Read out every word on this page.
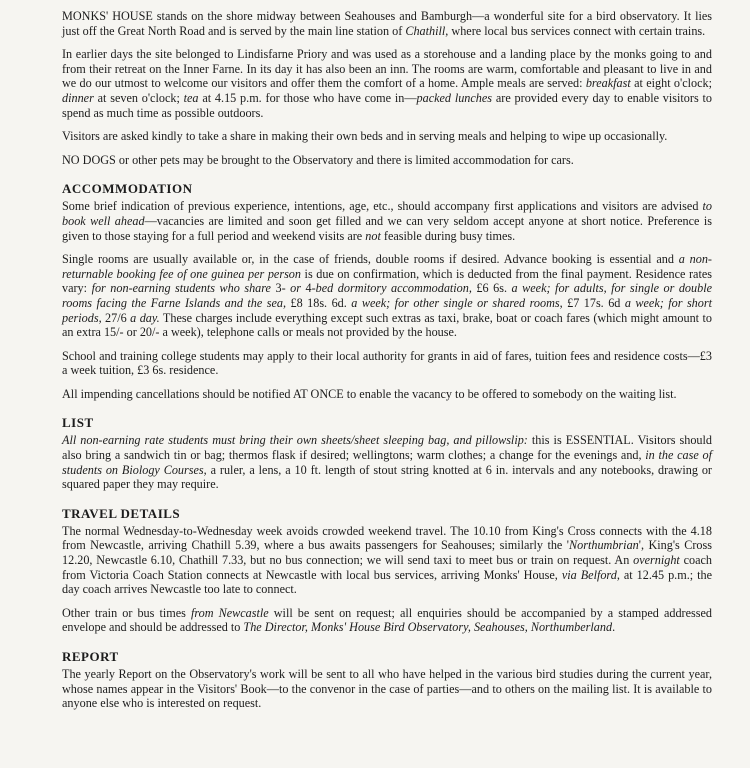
MONKS' HOUSE stands on the shore midway between Seahouses and Bamburgh—a wonderful site for a bird observatory. It lies just off the Great North Road and is served by the main line station of Chathill, where local bus services connect with certain trains.

In earlier days the site belonged to Lindisfarne Priory and was used as a storehouse and a landing place by the monks going to and from their retreat on the Inner Farne. In its day it has also been an inn. The rooms are warm, comfortable and pleasant to live in and we do our utmost to welcome our visitors and offer them the comfort of a home. Ample meals are served: breakfast at eight o'clock; dinner at seven o'clock; tea at 4.15 p.m. for those who have come in—packed lunches are provided every day to enable visitors to spend as much time as possible outdoors.

Visitors are asked kindly to take a share in making their own beds and in serving meals and helping to wipe up occasionally.

NO DOGS or other pets may be brought to the Observatory and there is limited accommodation for cars.

ACCOMMODATION

Some brief indication of previous experience, intentions, age, etc., should accompany first applications and visitors are advised to book well ahead—vacancies are limited and soon get filled and we can very seldom accept anyone at short notice. Preference is given to those staying for a full period and weekend visits are not feasible during busy times.

Single rooms are usually available or, in the case of friends, double rooms if desired. Advance booking is essential and a non-returnable booking fee of one guinea per person is due on confirmation, which is deducted from the final payment. Residence rates vary: for non-earning students who share 3- or 4-bed dormitory accommodation, £6 6s. a week; for adults, for single or double rooms facing the Farne Islands and the sea, £8 18s. 6d. a week; for other single or shared rooms, £7 17s. 6d a week; for short periods, 27/6 a day. These charges include everything except such extras as taxi, brake, boat or coach fares (which might amount to an extra 15/- or 20/- a week), telephone calls or meals not provided by the house.

School and training college students may apply to their local authority for grants in aid of fares, tuition fees and residence costs—£3 a week tuition, £3 6s. residence.

All impending cancellations should be notified AT ONCE to enable the vacancy to be offered to somebody on the waiting list.

LIST

All non-earning rate students must bring their own sheets/sheet sleeping bag, and pillowslip: this is ESSENTIAL. Visitors should also bring a sandwich tin or bag; thermos flask if desired; wellingtons; warm clothes; a change for the evenings and, in the case of students on Biology Courses, a ruler, a lens, a 10 ft. length of stout string knotted at 6 in. intervals and any notebooks, drawing or squared paper they may require.

TRAVEL DETAILS

The normal Wednesday-to-Wednesday week avoids crowded weekend travel. The 10.10 from King's Cross connects with the 4.18 from Newcastle, arriving Chathill 5.39, where a bus awaits passengers for Seahouses; similarly the 'Northumbrian', King's Cross 12.20, Newcastle 6.10, Chathill 7.33, but no bus connection; we will send taxi to meet bus or train on request. An overnight coach from Victoria Coach Station connects at Newcastle with local bus services, arriving Monks' House, via Belford, at 12.45 p.m.; the day coach arrives Newcastle too late to connect.

Other train or bus times from Newcastle will be sent on request; all enquiries should be accompanied by a stamped addressed envelope and should be addressed to The Director, Monks' House Bird Observatory, Seahouses, Northumberland.

REPORT

The yearly Report on the Observatory's work will be sent to all who have helped in the various bird studies during the current year, whose names appear in the Visitors' Book—to the convenor in the case of parties—and to others on the mailing list. It is available to anyone else who is interested on request.
